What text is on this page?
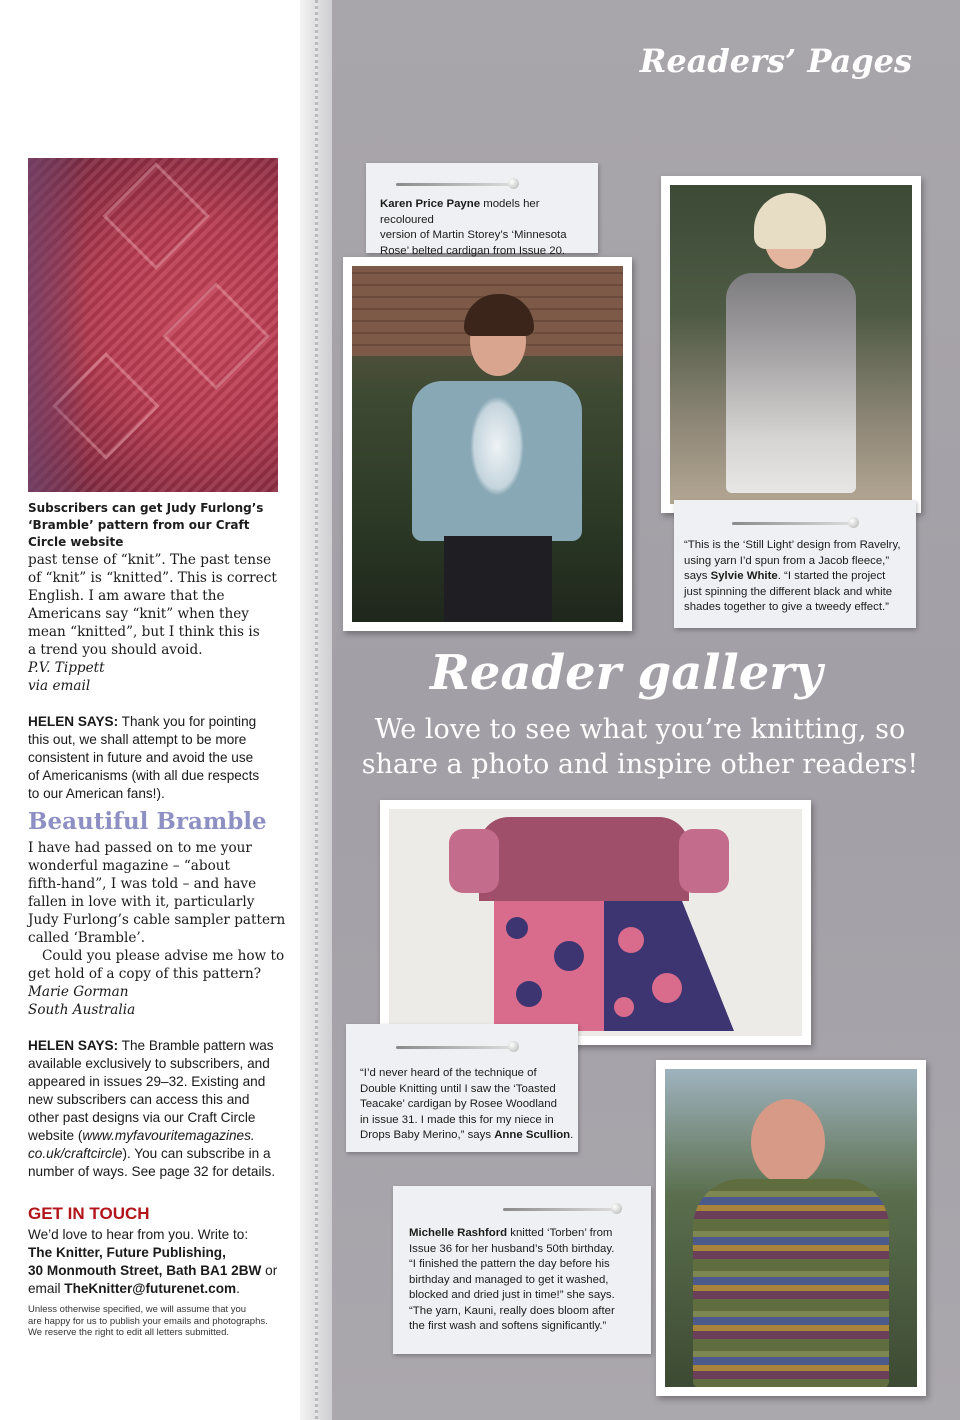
Subscribers can get Judy Furlong’s ‘Bramble’ pattern from our Craft Circle website

past tense of “knit”. The past tense

of “knit” is “knitted”. This is correct

English. I am aware that the

Americans say “knit” when they

mean “knitted”, but I think this is

a trend you should avoid.

P.V. Tippett

via email

HELEN SAYS: Thank you for pointing

this out, we shall attempt to be more

consistent in future and avoid the use

of Americanisms (with all due respects

to our American fans!).

Beautiful Bramble

I have had passed on to me your

wonderful magazine – “about

fifth-hand”, I was told – and have

fallen in love with it, particularly

Judy Furlong’s cable sampler pattern

called ‘Bramble’.

Could you please advise me how to

get hold of a copy of this pattern?

Marie Gorman

South Australia

HELEN SAYS: The Bramble pattern was

available exclusively to subscribers, and

appeared in issues 29–32. Existing and

new subscribers can access this and

other past designs via our Craft Circle

website (www.myfavouritemagazines.

co.uk/craftcircle). You can subscribe in a

number of ways. See page 32 for details.

GET IN TOUCH

We’d love to hear from you. Write to:

The Knitter, Future Publishing,

30 Monmouth Street, Bath BA1 2BW or

email TheKnitter@futurenet.com.

Unless otherwise specified, we will assume that you

are happy for us to publish your emails and photographs.

We reserve the right to edit all letters submitted.

Readers’ Pages

Karen Price Payne models her recoloured

version of Martin Storey’s ‘Minnesota

Rose’ belted cardigan from Issue 20.

“This is the ‘Still Light’ design from Ravelry,

using yarn I’d spun from a Jacob fleece,”

says Sylvie White. “I started the project

just spinning the different black and white

shades together to give a tweedy effect.”

Reader gallery

We love to see what you’re knitting, so

share a photo and inspire other readers!

“I’d never heard of the technique of

Double Knitting until I saw the ‘Toasted

Teacake’ cardigan by Rosee Woodland

in issue 31. I made this for my niece in

Drops Baby Merino,” says Anne Scullion.

Michelle Rashford knitted ‘Torben’ from

Issue 36 for her husband’s 50th birthday.

“I finished the pattern the day before his

birthday and managed to get it washed,

blocked and dried just in time!” she says.

“The yarn, Kauni, really does bloom after

the first wash and softens significantly.”
